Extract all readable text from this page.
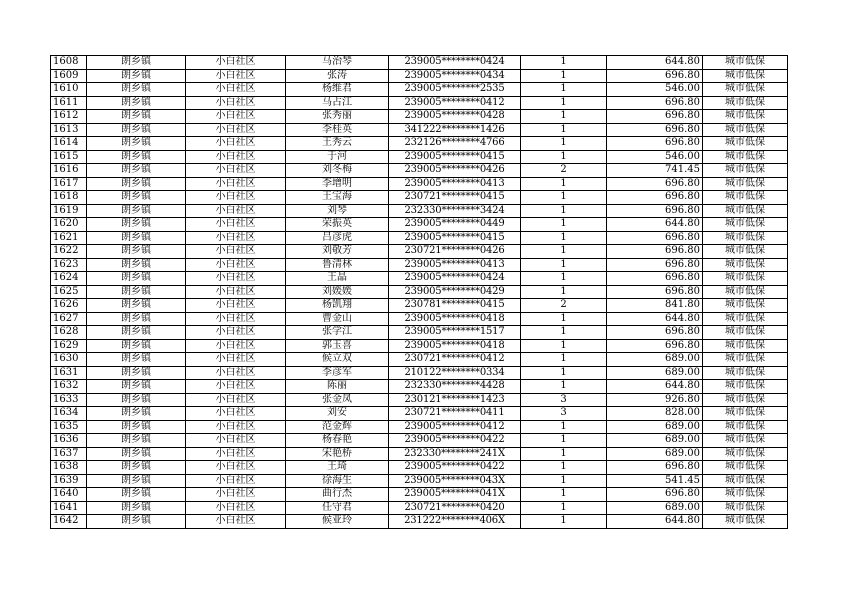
1608	朗乡镇	小白社区	马治琴	239005********0424	1	644.80	城市低保
1609	朗乡镇	小白社区	张涛	239005********0434	1	696.80	城市低保
1610	朗乡镇	小白社区	杨维君	239005********2535	1	546.00	城市低保
1611	朗乡镇	小白社区	马占江	239005********0412	1	696.80	城市低保
1612	朗乡镇	小白社区	张秀丽	239005********0428	1	696.80	城市低保
1613	朗乡镇	小白社区	李桂英	341222********1426	1	696.80	城市低保
1614	朗乡镇	小白社区	王秀云	232126********4766	1	696.80	城市低保
1615	朗乡镇	小白社区	于河	239005********0415	1	546.00	城市低保
1616	朗乡镇	小白社区	刘冬梅	239005********0426	2	741.45	城市低保
1617	朗乡镇	小白社区	李增明	239005********0413	1	696.80	城市低保
1618	朗乡镇	小白社区	王宝海	230721********0415	1	696.80	城市低保
1619	朗乡镇	小白社区	刘琴	232330********3424	1	696.80	城市低保
1620	朗乡镇	小白社区	荣振英	239005********0449	1	644.80	城市低保
1621	朗乡镇	小白社区	吕彦虎	239005********0415	1	696.80	城市低保
1622	朗乡镇	小白社区	刘敬芳	230721********0426	1	696.80	城市低保
1623	朗乡镇	小白社区	鲁清林	239005********0413	1	696.80	城市低保
1624	朗乡镇	小白社区	王晶	239005********0424	1	696.80	城市低保
1625	朗乡镇	小白社区	刘媛媛	239005********0429	1	696.80	城市低保
1626	朗乡镇	小白社区	杨凯翔	230781********0415	2	841.80	城市低保
1627	朗乡镇	小白社区	曹金山	239005********0418	1	644.80	城市低保
1628	朗乡镇	小白社区	张学江	239005********1517	1	696.80	城市低保
1629	朗乡镇	小白社区	郭玉喜	239005********0418	1	696.80	城市低保
1630	朗乡镇	小白社区	候立双	230721********0412	1	689.00	城市低保
1631	朗乡镇	小白社区	李彦军	210122********0334	1	689.00	城市低保
1632	朗乡镇	小白社区	陈丽	232330********4428	1	644.80	城市低保
1633	朗乡镇	小白社区	张金凤	230121********1423	3	926.80	城市低保
1634	朗乡镇	小白社区	刘安	230721********0411	3	828.00	城市低保
1635	朗乡镇	小白社区	范金辉	239005********0412	1	689.00	城市低保
1636	朗乡镇	小白社区	杨春艳	239005********0422	1	689.00	城市低保
1637	朗乡镇	小白社区	宋艳桥	232330********241X	1	689.00	城市低保
1638	朗乡镇	小白社区	王琦	239005********0422	1	696.80	城市低保
1639	朗乡镇	小白社区	徐海生	239005********043X	1	541.45	城市低保
1640	朗乡镇	小白社区	曲行杰	239005********041X	1	696.80	城市低保
1641	朗乡镇	小白社区	任守君	230721********0420	1	689.00	城市低保
1642	朗乡镇	小白社区	候亚玲	231222********406X	1	644.80	城市低保
